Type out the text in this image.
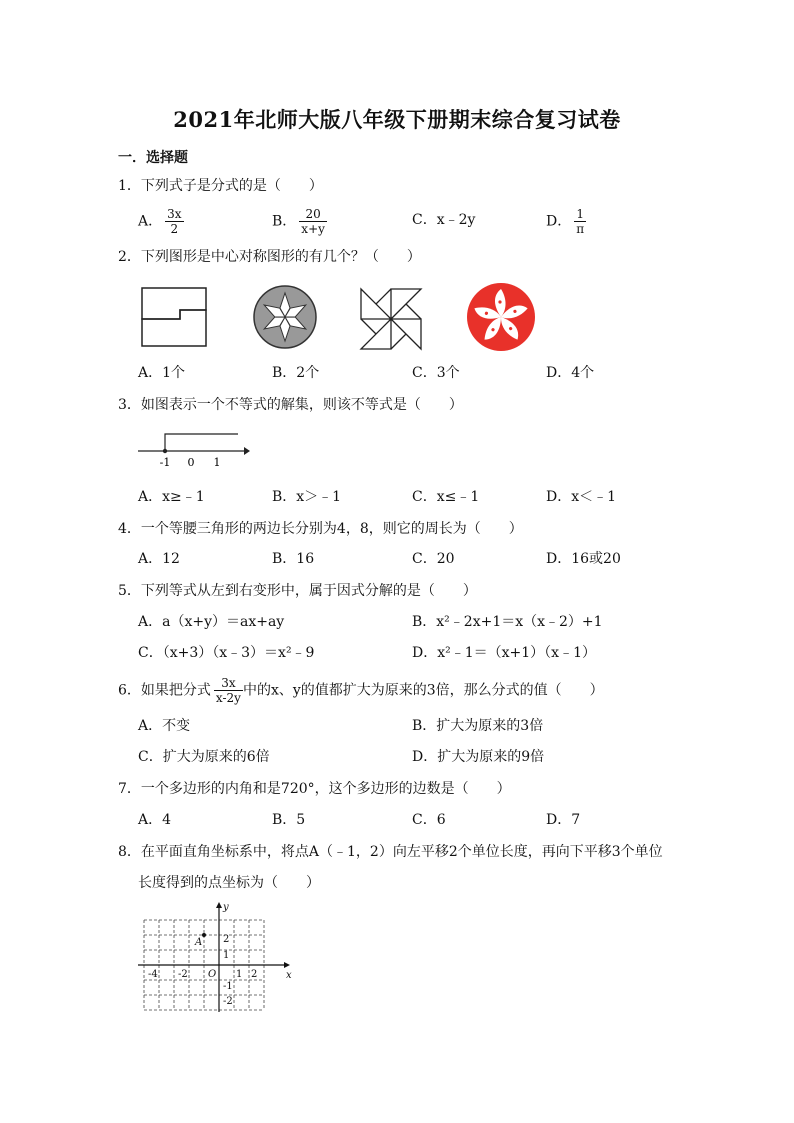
2021年北师大版八年级下册期末综合复习试卷
一．选择题
1．下列式子是分式的是（　　）
A． $\frac{3x}{2}$	B． $\frac{20}{x+y}$	C．x﹣2y	D． $\frac{1}{\pi}$
2．下列图形是中心对称图形的有几个？（　　）
A．1个	B．2个	C．3个	D．4个
3．如图表示一个不等式的解集，则该不等式是（　　）
-1 0 1
A．x≥﹣1	B．x＞﹣1	C．x≤﹣1	D．x＜﹣1
4．一个等腰三角形的两边长分别为4，8，则它的周长为（　　）
A．12	B．16	C．20	D．16或20
5．下列等式从左到右变形中，属于因式分解的是（　　）
A．a（x+y）＝ax+ay	B．x²﹣2x+1＝x（x﹣2）+1
C．（x+3）（x﹣3）＝x²﹣9	D．x²﹣1＝（x+1）（x﹣1）
6．如果把分式 $\frac{3x}{x-2y}$ 中的x、y的值都扩大为原来的3倍，那么分式的值（　　）
A．不变	B．扩大为原来的3倍
C．扩大为原来的6倍	D．扩大为原来的9倍
7．一个多边形的内角和是720°，这个多边形的边数是（　　）
A．4	B．5	C．6	D．7
8．在平面直角坐标系中，将点A（﹣1，2）向左平移2个单位长度，再向下平移3个单位
长度得到的点坐标为（　　）
x
y
O
A
-4 -2	1 2
2
1
-1
-2
